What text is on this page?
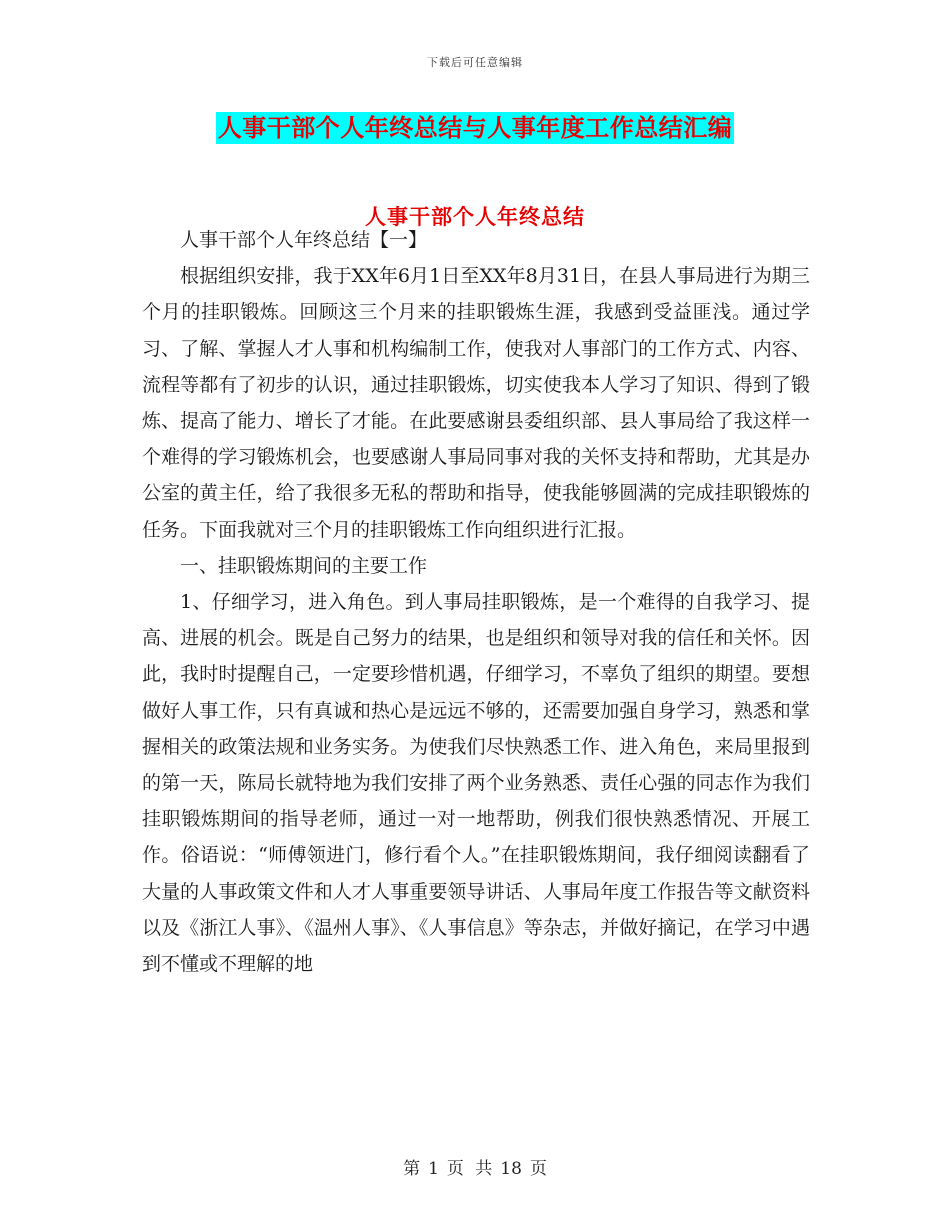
下载后可任意编辑
人事干部个人年终总结与人事年度工作总结汇编
人事干部个人年终总结

人事干部个人年终总结【一】

根据组织安排，我于XX年6月1日至XX年8月31日，在县人事局进行为期三个月的挂职锻炼。回顾这三个月来的挂职锻炼生涯，我感到受益匪浅。通过学习、了解、掌握人才人事和机构编制工作，使我对人事部门的工作方式、内容、流程等都有了初步的认识，通过挂职锻炼，切实使我本人学习了知识、得到了锻炼、提高了能力、增长了才能。在此要感谢县委组织部、县人事局给了我这样一个难得的学习锻炼机会，也要感谢人事局同事对我的关怀支持和帮助，尤其是办公室的黄主任，给了我很多无私的帮助和指导，使我能够圆满的完成挂职锻炼的任务。下面我就对三个月的挂职锻炼工作向组织进行汇报。

一、挂职锻炼期间的主要工作

1、仔细学习，进入角色。到人事局挂职锻炼，是一个难得的自我学习、提高、进展的机会。既是自己努力的结果，也是组织和领导对我的信任和关怀。因此，我时时提醒自己，一定要珍惜机遇，仔细学习，不辜负了组织的期望。要想做好人事工作，只有真诚和热心是远远不够的，还需要加强自身学习，熟悉和掌握相关的政策法规和业务实务。为使我们尽快熟悉工作、进入角色，来局里报到的第一天，陈局长就特地为我们安排了两个业务熟悉、责任心强的同志作为我们挂职锻炼期间的指导老师，通过一对一地帮助，例我们很快熟悉情况、开展工作。俗语说：“师傅领进门，修行看个人。”在挂职锻炼期间，我仔细阅读翻看了大量的人事政策文件和人才人事重要领导讲话、人事局年度工作报告等文献资料以及《浙江人事》、《温州人事》、《人事信息》等杂志，并做好摘记，在学习中遇到不懂或不理解的地

第 1 页 共 18 页
